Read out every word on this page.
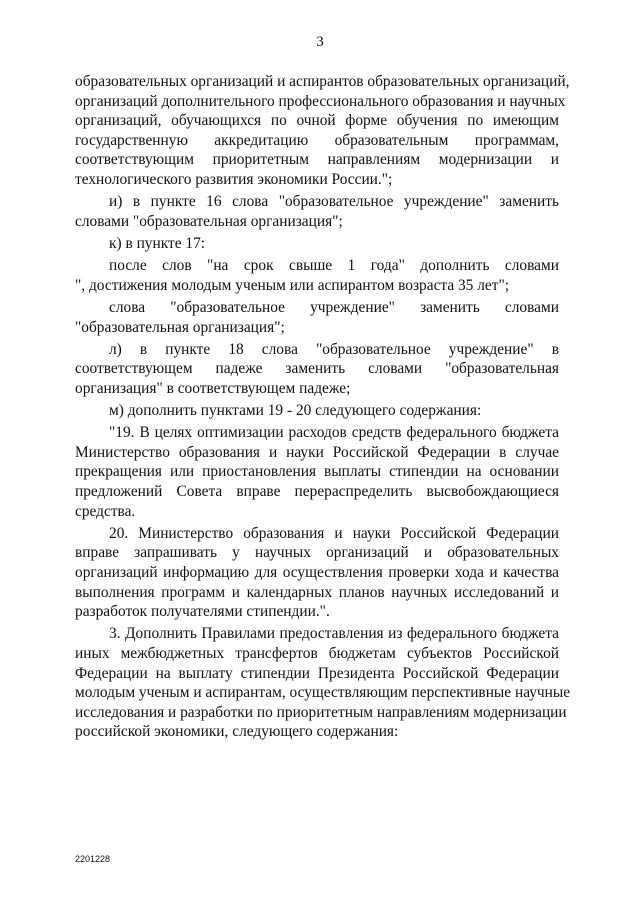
3
образовательных организаций и аспирантов образовательных организаций,
организаций дополнительного профессионального образования и научных
организаций, обучающихся по очной форме обучения по имеющим
государственную аккредитацию образовательным программам,
соответствующим приоритетным направлениям модернизации и
технологического развития экономики России.";
и) в пункте 16 слова "образовательное учреждение" заменить
словами "образовательная организация";
к) в пункте 17:
после слов "на срок свыше 1 года" дополнить словами
", достижения молодым ученым или аспирантом возраста 35 лет";
слова "образовательное учреждение" заменить словами
"образовательная организация";
л) в пункте 18 слова "образовательное учреждение" в
соответствующем падеже заменить словами "образовательная
организация" в соответствующем падеже;
м) дополнить пунктами 19 - 20 следующего содержания:
"19. В целях оптимизации расходов средств федерального бюджета
Министерство образования и науки Российской Федерации в случае
прекращения или приостановления выплаты стипендии на основании
предложений Совета вправе перераспределить высвобождающиеся
средства.
20. Министерство образования и науки Российской Федерации
вправе запрашивать у научных организаций и образовательных
организаций информацию для осуществления проверки хода и качества
выполнения программ и календарных планов научных исследований и
разработок получателями стипендии.".
3. Дополнить Правилами предоставления из федерального бюджета
иных межбюджетных трансфертов бюджетам субъектов Российской
Федерации на выплату стипендии Президента Российской Федерации
молодым ученым и аспирантам, осуществляющим перспективные научные
исследования и разработки по приоритетным направлениям модернизации
российской экономики, следующего содержания:
2201228
